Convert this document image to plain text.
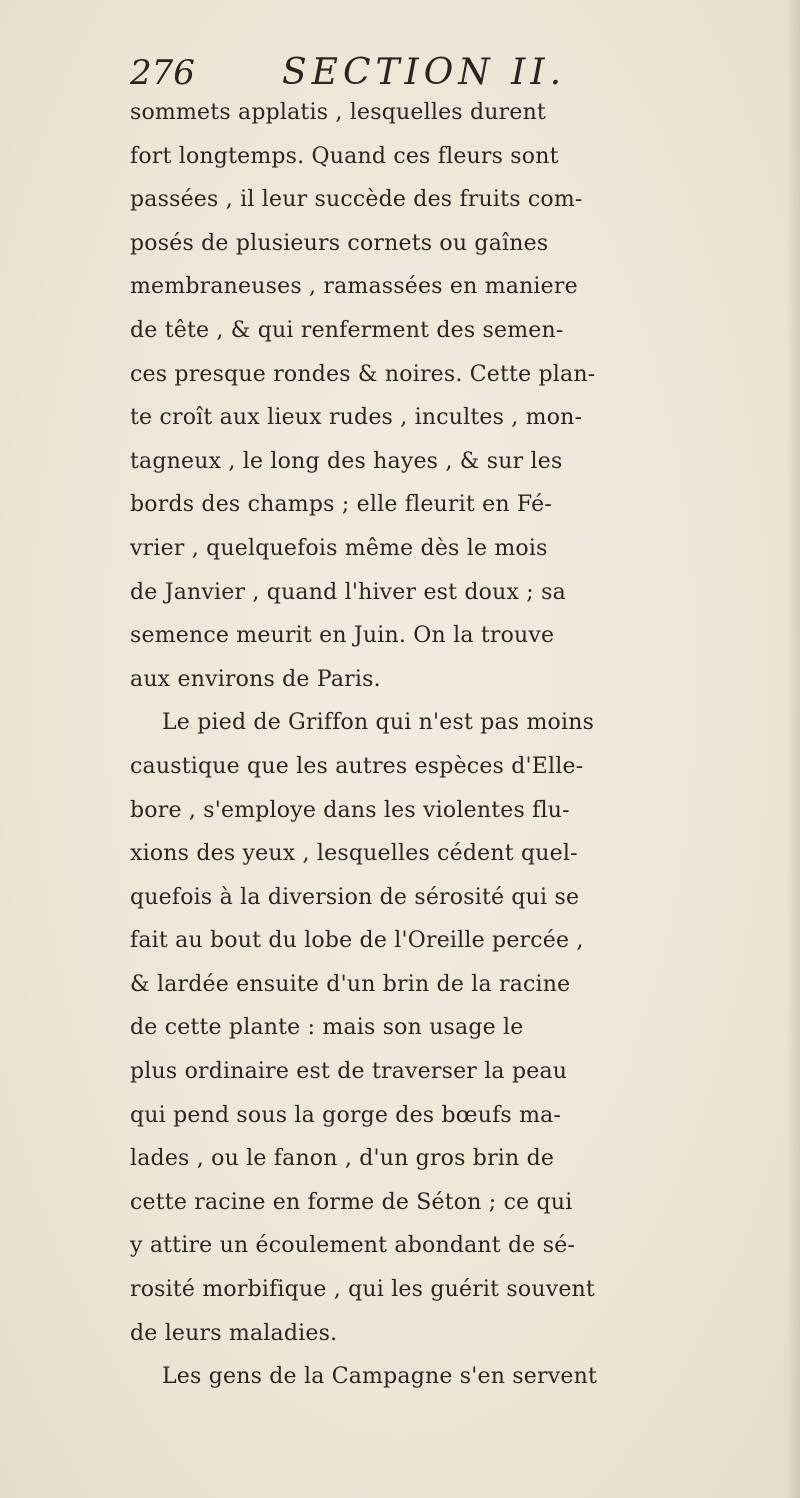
276 SECTION II.
sommets applatis , lesquelles durent
fort longtemps. Quand ces fleurs sont
passées , il leur succède des fruits com-
posés de plusieurs cornets ou gaînes
membraneuses , ramassées en maniere
de tête , & qui renferment des semen-
ces presque rondes & noires. Cette plan-
te croît aux lieux rudes , incultes , mon-
tagneux , le long des hayes , & sur les
bords des champs ; elle fleurit en Fé-
vrier , quelquefois même dès le mois
de Janvier , quand l'hiver est doux ; sa
semence meurit en Juin. On la trouve
aux environs de Paris.
Le pied de Griffon qui n'est pas moins
caustique que les autres espèces d'Elle-
bore , s'employe dans les violentes flu-
xions des yeux , lesquelles cédent quel-
quefois à la diversion de sérosité qui se
fait au bout du lobe de l'Oreille percée ,
& lardée ensuite d'un brin de la racine
de cette plante : mais son usage le
plus ordinaire est de traverser la peau
qui pend sous la gorge des bœufs ma-
lades , ou le fanon , d'un gros brin de
cette racine en forme de Séton ; ce qui
y attire un écoulement abondant de sé-
rosité morbifique , qui les guérit souvent
de leurs maladies.
Les gens de la Campagne s'en servent
